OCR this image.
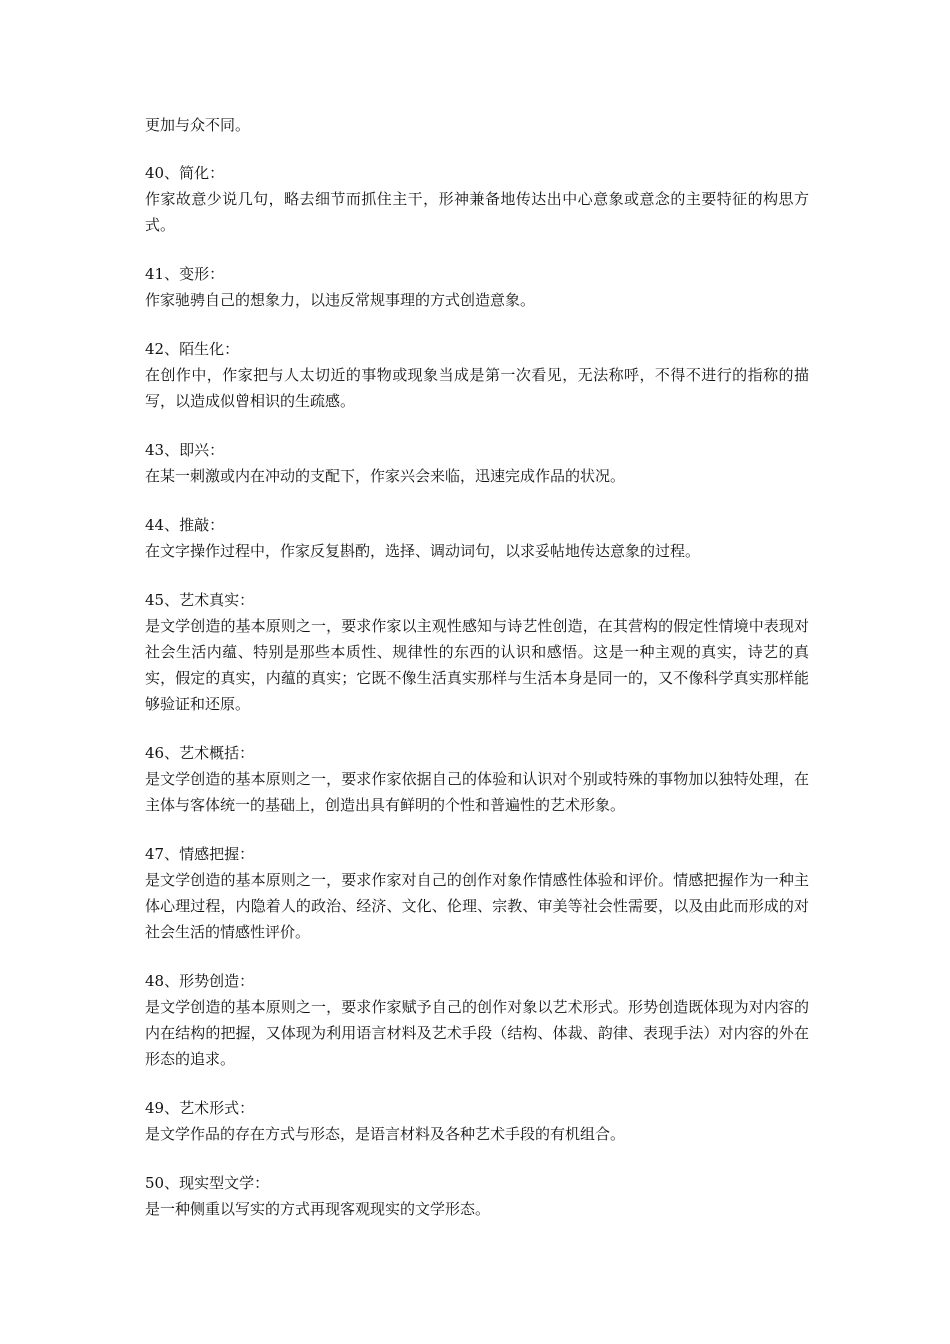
更加与众不同。

40、简化：

作家故意少说几句，略去细节而抓住主干，形神兼备地传达出中心意象或意念的主要特征的构思方式。

41、变形：

作家驰骋自己的想象力，以违反常规事理的方式创造意象。

42、陌生化：

在创作中，作家把与人太切近的事物或现象当成是第一次看见，无法称呼，不得不进行的指称的描写，以造成似曾相识的生疏感。

43、即兴：

在某一刺激或内在冲动的支配下，作家兴会来临，迅速完成作品的状况。

44、推敲：

在文字操作过程中，作家反复斟酌，选择、调动词句，以求妥帖地传达意象的过程。

45、艺术真实：

是文学创造的基本原则之一，要求作家以主观性感知与诗艺性创造，在其营构的假定性情境中表现对社会生活内蕴、特别是那些本质性、规律性的东西的认识和感悟。这是一种主观的真实，诗艺的真实，假定的真实，内蕴的真实；它既不像生活真实那样与生活本身是同一的，又不像科学真实那样能够验证和还原。

46、艺术概括：

是文学创造的基本原则之一，要求作家依据自己的体验和认识对个别或特殊的事物加以独特处理，在主体与客体统一的基础上，创造出具有鲜明的个性和普遍性的艺术形象。

47、情感把握：

是文学创造的基本原则之一，要求作家对自己的创作对象作情感性体验和评价。情感把握作为一种主体心理过程，内隐着人的政治、经济、文化、伦理、宗教、审美等社会性需要，以及由此而形成的对社会生活的情感性评价。

48、形势创造：

是文学创造的基本原则之一，要求作家赋予自己的创作对象以艺术形式。形势创造既体现为对内容的内在结构的把握，又体现为利用语言材料及艺术手段（结构、体裁、韵律、表现手法）对内容的外在形态的追求。

49、艺术形式：

是文学作品的存在方式与形态，是语言材料及各种艺术手段的有机组合。

50、现实型文学：

是一种侧重以写实的方式再现客观现实的文学形态。
